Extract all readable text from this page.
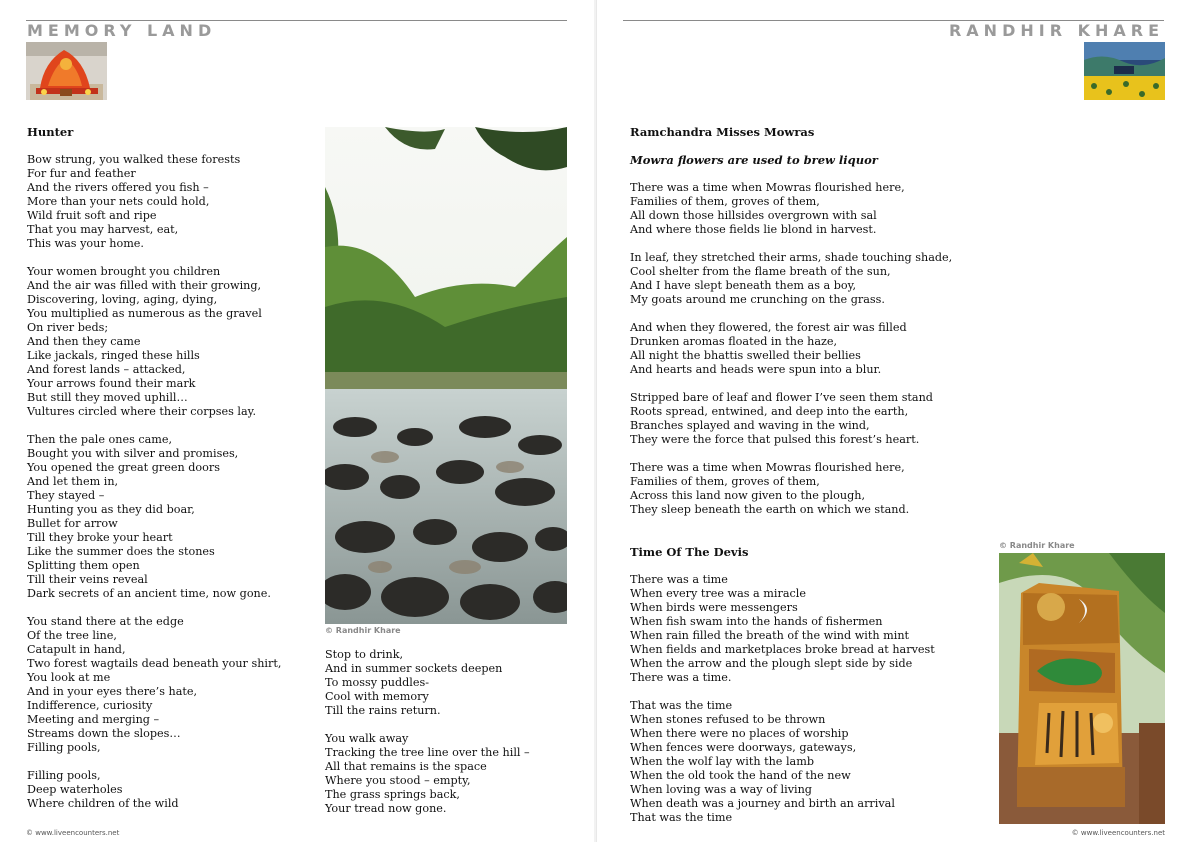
MEMORY LAND
Hunter
Bow strung, you walked these forests
For fur and feather
And the rivers offered you fish –
More than your nets could hold,
Wild fruit soft and ripe
That you may harvest, eat,
This was your home.
Your women brought you children
And the air was filled with their growing,
Discovering, loving, aging, dying,
You multiplied as numerous as the gravel
On river beds;
And then they came
Like jackals, ringed these hills
And forest lands – attacked,
Your arrows found their mark
But still they moved uphill…
Vultures circled where their corpses lay.
Then the pale ones came,
Bought you with silver and promises,
You opened the great green doors
And let them in,
They stayed –
Hunting you as they did boar,
Bullet for arrow
Till they broke your heart
Like the summer does the stones
Splitting them open
Till their veins reveal
Dark secrets of an ancient time, now gone.
You stand there at the edge
Of the tree line,
Catapult in hand,
Two forest wagtails dead beneath your shirt,
You look at me
And in your eyes there’s hate,
Indifference, curiosity
Meeting and merging –
Streams down the slopes…
Filling pools,
Filling pools,
Deep waterholes
Where children of the wild
© Randhir Khare
Stop to drink,
And in summer sockets deepen
To mossy puddles-
Cool with memory
Till the rains return.
You walk away
Tracking the tree line over the hill –
All that remains is the space
Where you stood – empty,
The grass springs back,
Your tread now gone.
© www.liveencounters.net
RANDHIR KHARE
Ramchandra Misses Mowras
Mowra flowers are used to brew liquor
There was a time when Mowras flourished here,
Families of them, groves of them,
All down those hillsides overgrown with sal
And where those fields lie blond in harvest.
In leaf, they stretched their arms, shade touching shade,
Cool shelter from the flame breath of the sun,
And I have slept beneath them as a boy,
My goats around me crunching on the grass.
And when they flowered, the forest air was filled
Drunken aromas floated in the haze,
All night the bhattis swelled their bellies
And hearts and heads were spun into a blur.
Stripped bare of leaf and flower I’ve seen them stand
Roots spread, entwined, and deep into the earth,
Branches splayed and waving in the wind,
They were the force that pulsed this forest’s heart.
There was a time when Mowras flourished here,
Families of them, groves of them,
Across this land now given to the plough,
They sleep beneath the earth on which we stand.
Time Of The Devis
There was a time
When every tree was a miracle
When birds were messengers
When fish swam into the hands of fishermen
When rain filled the breath of the wind with mint
When fields and marketplaces broke bread at harvest
When the arrow and the plough slept side by side
There was a time.
That was the time
When stones refused to be thrown
When there were no places of worship
When fences were doorways, gateways,
When the wolf lay with the lamb
When the old took the hand of the new
When loving was a way of living
When death was a journey and birth an arrival
That was the time
© Randhir Khare
© www.liveencounters.net
